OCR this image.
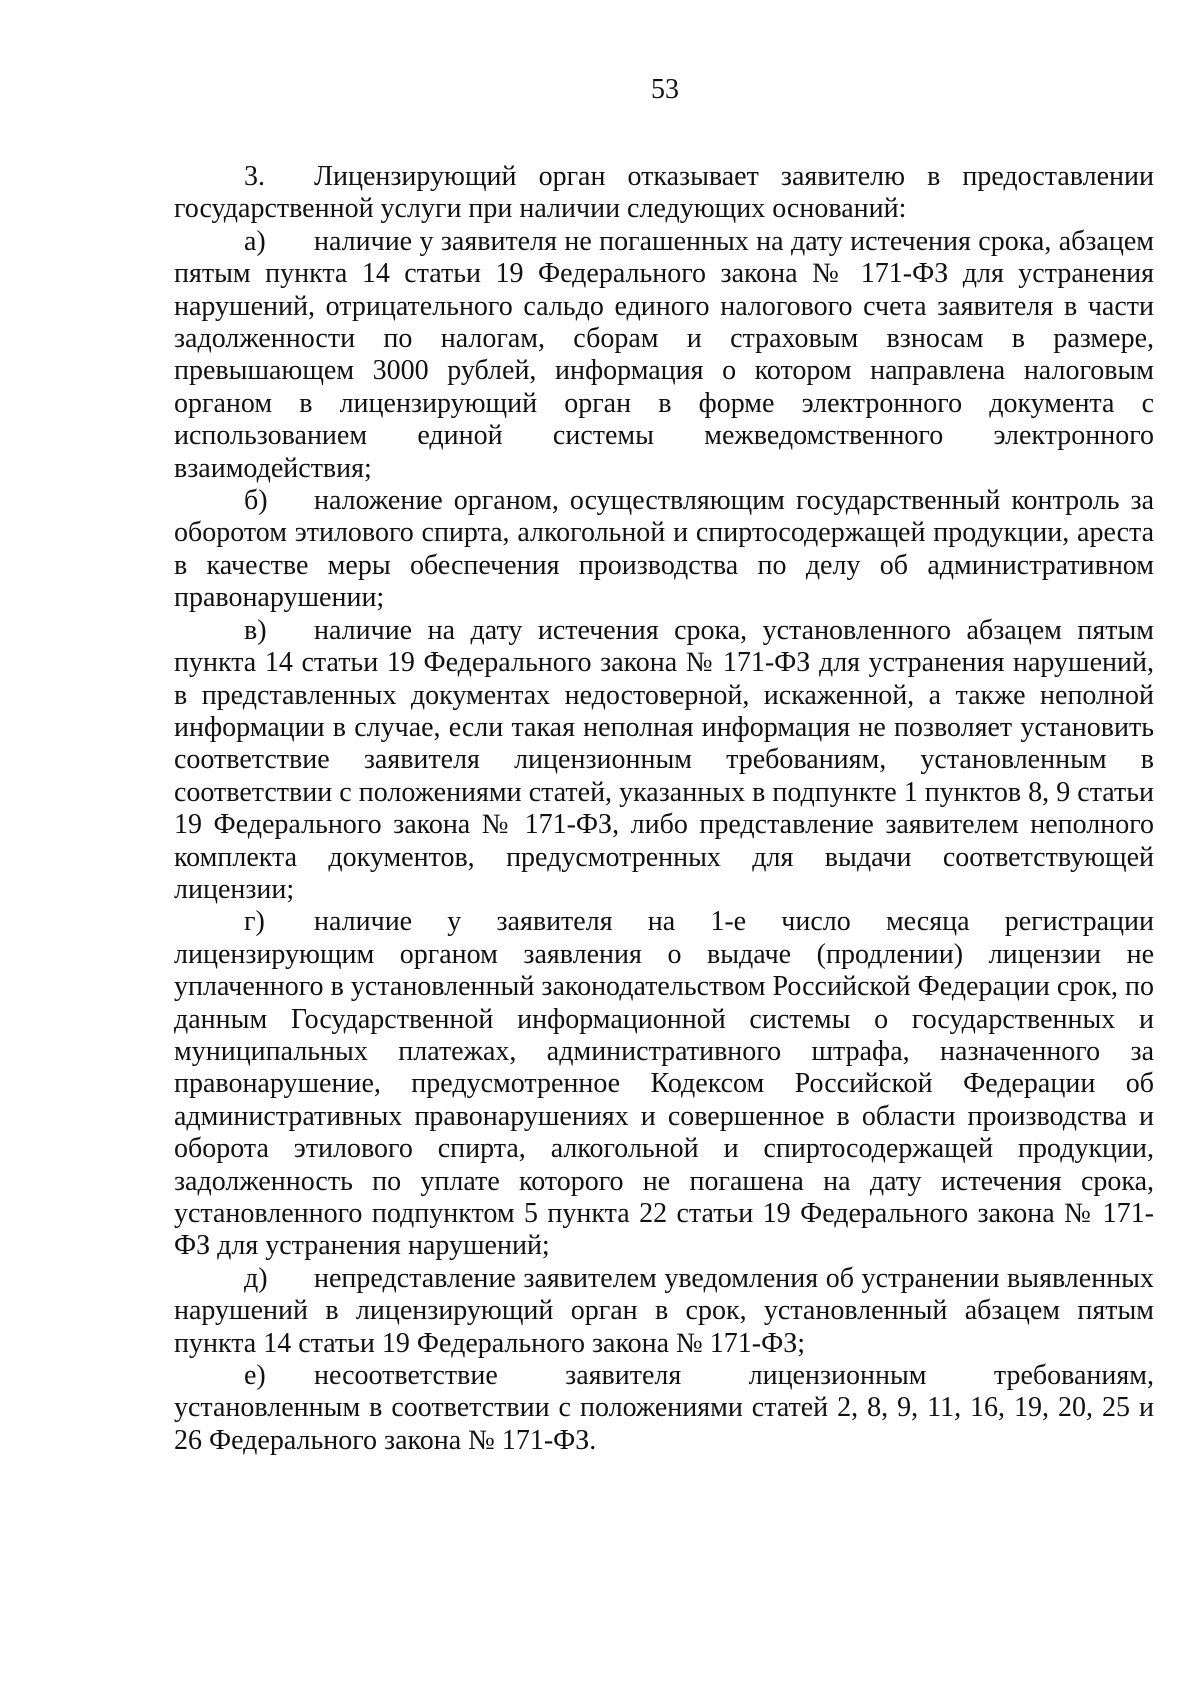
53

3. Лицензирующий орган отказывает заявителю в предоставлении государственной услуги при наличии следующих оснований:

а) наличие у заявителя не погашенных на дату истечения срока, абзацем пятым пункта 14 статьи 19 Федерального закона № 171-ФЗ для устранения нарушений, отрицательного сальдо единого налогового счета заявителя в части задолженности по налогам, сборам и страховым взносам в размере, превышающем 3000 рублей, информация о котором направлена налоговым органом в лицензирующий орган в форме электронного документа с использованием единой системы межведомственного электронного взаимодействия;

б) наложение органом, осуществляющим государственный контроль за оборотом этилового спирта, алкогольной и спиртосодержащей продукции, ареста в качестве меры обеспечения производства по делу об административном правонарушении;

в) наличие на дату истечения срока, установленного абзацем пятым пункта 14 статьи 19 Федерального закона № 171-ФЗ для устранения нарушений, в представленных документах недостоверной, искаженной, а также неполной информации в случае, если такая неполная информация не позволяет установить соответствие заявителя лицензионным требованиям, установленным в соответствии с положениями статей, указанных в подпункте 1 пунктов 8, 9 статьи 19 Федерального закона № 171-ФЗ, либо представление заявителем неполного комплекта документов, предусмотренных для выдачи соответствующей лицензии;

г) наличие у заявителя на 1-е число месяца регистрации лицензирующим органом заявления о выдаче (продлении) лицензии не уплаченного в установленный законодательством Российской Федерации срок, по данным Государственной информационной системы о государственных и муниципальных платежах, административного штрафа, назначенного за правонарушение, предусмотренное Кодексом Российской Федерации об административных правонарушениях и совершенное в области производства и оборота этилового спирта, алкогольной и спиртосодержащей продукции, задолженность по уплате которого не погашена на дату истечения срока, установленного подпунктом 5 пункта 22 статьи 19 Федерального закона № 171-ФЗ для устранения нарушений;

д) непредставление заявителем уведомления об устранении выявленных нарушений в лицензирующий орган в срок, установленный абзацем пятым пункта 14 статьи 19 Федерального закона № 171-ФЗ;

е) несоответствие заявителя лицензионным требованиям, установленным в соответствии с положениями статей 2, 8, 9, 11, 16, 19, 20, 25 и 26 Федерального закона № 171-ФЗ.
